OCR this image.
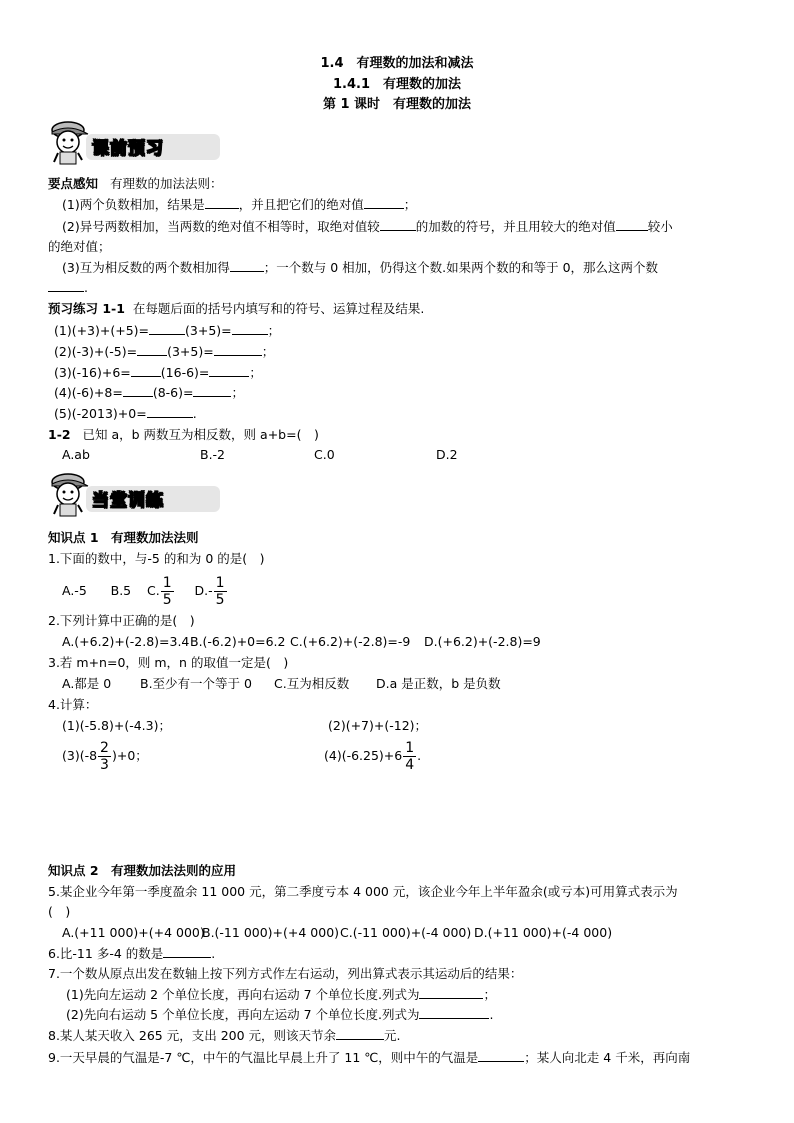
1.4　有理数的加法和减法
1.4.1　有理数的加法
第 1 课时　有理数的加法
课前预习
要点感知 有理数的加法法则：
(1)两个负数相加，结果是	，并且把它们的绝对值	；
(2)异号两数相加，当两数的绝对值不相等时，取绝对值较	的加数的符号，并且用较大的绝对值	较小
的绝对值；
(3)互为相反数的两个数相加得	；一个数与 0 相加，仍得这个数.如果两个数的和等于 0，那么这两个数
.
预习练习 1-1 在每题后面的括号内填写和的符号、运算过程及结果.
(1)(+3)+(+5)=	(3+5)=	；
(2)(-3)+(-5)= (3+5)=	；
(3)(-16)+6= (16-6)=	；
(4)(-6)+8= (8-6)=	；
(5)(-2013)+0=	.
1-2 已知 a，b 两数互为相反数，则 a+b=(　)
A.ab	B.-2	C.0	D.2
当堂训练
知识点 1　有理数加法法则
1.下面的数中，与-5 的和为 0 的是(　)
A.-5 B.5 C. $\frac{1}{5} D.- \frac{1}{5}$
2.下列计算中正确的是(　)
A.(+6.2)+(-2.8)=3.4 B.(-6.2)+0=6.2 C.(+6.2)+(-2.8)=-9 D.(+6.2)+(-2.8)=9
3.若 m+n=0，则 m，n 的取值一定是(　)
A.都是 0 B.至少有一个等于 0 C.互为相反数 D.a 是正数，b 是负数
4.计算：
(1)(-5.8)+(-4.3)；	(2)(+7)+(-12)；
$(3)(-8 \frac{2}{3} )+0$；	$(4)(-6.25)+6 \frac{1}{4}$ .
知识点 2　有理数加法法则的应用
5.某企业今年第一季度盈余 11 000 元，第二季度亏本 4 000 元，该企业今年上半年盈余(或亏本)可用算式表示为
(　)
A.(+11 000)+(+4 000)
B.(-11 000)+(+4 000) C.(-11 000)+(-4 000) D.(+11 000)+(-4 000)
6.比-11 多-4 的数是	.
7.一个数从原点出发在数轴上按下列方式作左右运动，列出算式表示其运动后的结果：
(1)先向左运动 2 个单位长度，再向右运动 7 个单位长度.列式为	；
(2)先向右运动 5 个单位长度，再向左运动 7 个单位长度.列式为	.
8.某人某天收入 265 元，支出 200 元，则该天节余	元.
9.一天早晨的气温是-7 ℃，中午的气温比早晨上升了 11 ℃，则中午的气温是	；某人向北走 4 千米，再向南
